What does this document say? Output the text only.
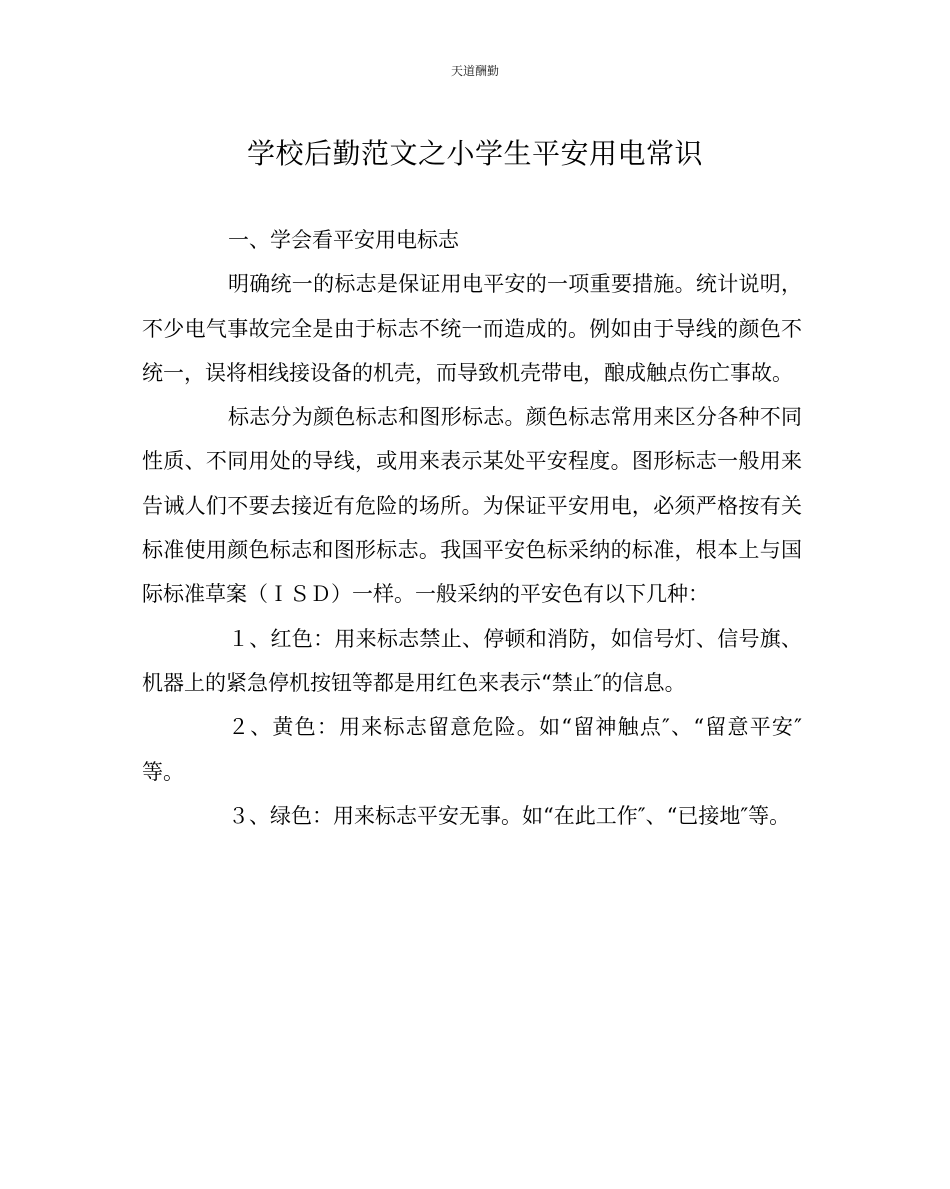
天道酬勤
学校后勤范文之小学生平安用电常识

一、学会看平安用电标志

明确统一的标志是保证用电平安的一项重要措施。统计说明，不少电气事故完全是由于标志不统一而造成的。例如由于导线的颜色不统一，误将相线接设备的机壳，而导致机壳带电，酿成触点伤亡事故。

标志分为颜色标志和图形标志。颜色标志常用来区分各种不同性质、不同用处的导线，或用来表示某处平安程度。图形标志一般用来告诫人们不要去接近有危险的场所。为保证平安用电，必须严格按有关标准使用颜色标志和图形标志。我国平安色标采纳的标准，根本上与国际标准草案（ＩＳＤ）一样。一般采纳的平安色有以下几种：

１、红色：用来标志禁止、停顿和消防，如信号灯、信号旗、机器上的紧急停机按钮等都是用红色来表示“禁止″的信息。

２、黄色：用来标志留意危险。如“留神触点″、“留意平安″等。

３、绿色：用来标志平安无事。如“在此工作″、“已接地″等。
